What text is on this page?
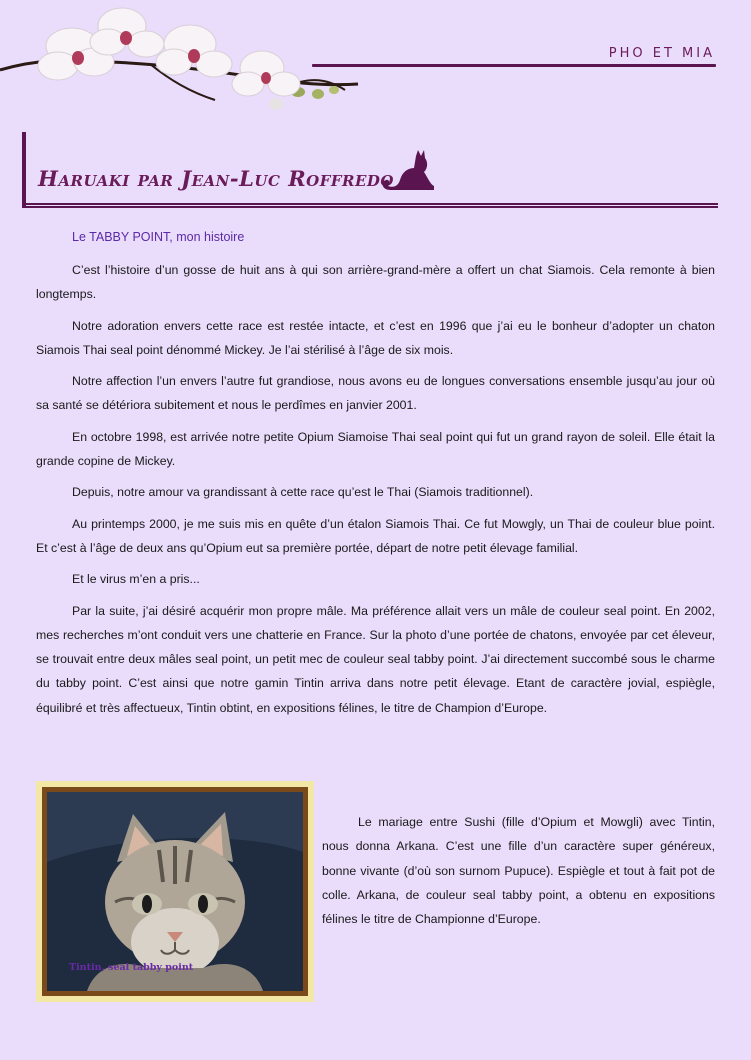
PHO ET MIA
Haruaki par Jean-Luc Roffredo
Le TABBY POINT, mon histoire

C’est l’histoire d’un gosse de huit ans à qui son arrière-grand-mère a offert un chat Siamois. Cela remonte à bien longtemps.

Notre adoration envers cette race est restée intacte, et c’est en 1996 que j’ai eu le bonheur d’adopter un chaton Siamois Thai seal point dénommé Mickey. Je l’ai stérilisé à l’âge de six mois.

Notre affection l’un envers l’autre fut grandiose, nous avons eu de longues conversations ensemble jusqu’au jour où sa santé se détériora subitement et nous le perdîmes en janvier 2001.

En octobre 1998, est arrivée notre petite Opium Siamoise Thai seal point qui fut un grand rayon de soleil. Elle était la grande copine de Mickey.

Depuis, notre amour va grandissant à cette race qu’est le Thai (Siamois traditionnel).

Au printemps 2000, je me suis mis en quête d’un étalon Siamois Thai. Ce fut Mowgly, un Thai de couleur blue point. Et c’est à l’âge de deux ans qu’Opium eut sa première portée, départ de notre petit élevage familial.

Et le virus m’en a pris...

Par la suite, j’ai désiré acquérir mon propre mâle. Ma préférence allait vers un mâle de couleur seal point. En 2002, mes recherches m’ont conduit vers une chatterie en France. Sur la photo d’une portée de chatons, envoyée par cet éleveur, se trouvait entre deux mâles seal point, un petit mec de couleur seal tabby point. J’ai directement succombé sous le charme du tabby point. C’est ainsi que notre gamin Tintin arriva dans notre petit élevage. Etant de caractère jovial, espiègle, équilibré et très affectueux, Tintin obtint, en expositions félines, le titre de Champion d’Europe.

Tintin, seal tabby point

Le mariage entre Sushi (fille d’Opium et Mowgli) avec Tintin, nous donna Arkana. C’est une fille d’un caractère super généreux, bonne vivante (d’où son surnom Pupuce). Espiègle et tout à fait pot de colle. Arkana, de couleur seal tabby point, a obtenu en expositions félines le titre de Championne d’Europe.
